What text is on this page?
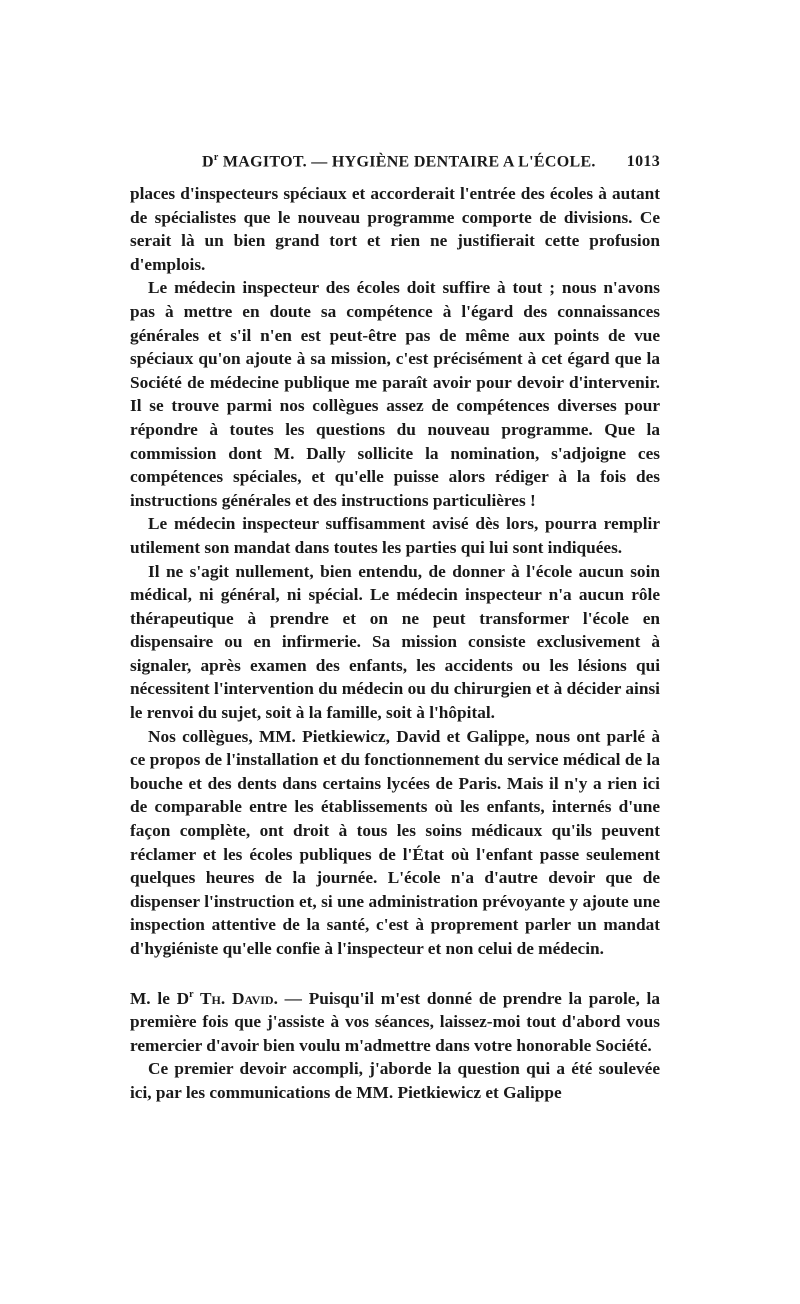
$D^r$ MAGITOT. — HYGIÈNE DENTAIRE A L'ÉCOLE. 1013

places d'inspecteurs spéciaux et accorderait l'entrée des écoles à autant de spécialistes que le nouveau programme comporte de divisions. Ce serait là un bien grand tort et rien ne justifierait cette profusion d'emplois.

Le médecin inspecteur des écoles doit suffire à tout ; nous n'avons pas à mettre en doute sa compétence à l'égard des connaissances générales et s'il n'en est peut-être pas de même aux points de vue spéciaux qu'on ajoute à sa mission, c'est précisément à cet égard que la Société de médecine publique me paraît avoir pour devoir d'intervenir. Il se trouve parmi nos collègues assez de compétences diverses pour répondre à toutes les questions du nouveau programme. Que la commission dont M. Dally sollicite la nomination, s'adjoigne ces compétences spéciales, et qu'elle puisse alors rédiger à la fois des instructions générales et des instructions particulières !

Le médecin inspecteur suffisamment avisé dès lors, pourra remplir utilement son mandat dans toutes les parties qui lui sont indiquées.

Il ne s'agit nullement, bien entendu, de donner à l'école aucun soin médical, ni général, ni spécial. Le médecin inspecteur n'a aucun rôle thérapeutique à prendre et on ne peut transformer l'école en dispensaire ou en infirmerie. Sa mission consiste exclusivement à signaler, après examen des enfants, les accidents ou les lésions qui nécessitent l'intervention du médecin ou du chirurgien et à décider ainsi le renvoi du sujet, soit à la famille, soit à l'hôpital.

Nos collègues, MM. Pietkiewicz, David et Galippe, nous ont parlé à ce propos de l'installation et du fonctionnement du service médical de la bouche et des dents dans certains lycées de Paris. Mais il n'y a rien ici de comparable entre les établissements où les enfants, internés d'une façon complète, ont droit à tous les soins médicaux qu'ils peuvent réclamer et les écoles publiques de l'État où l'enfant passe seulement quelques heures de la journée. L'école n'a d'autre devoir que de dispenser l'instruction et, si une administration prévoyante y ajoute une inspection attentive de la santé, c'est à proprement parler un mandat d'hygiéniste qu'elle confie à l'inspecteur et non celui de médecin.

M. le $D^r$ Th. David. — Puisqu'il m'est donné de prendre la parole, la première fois que j'assiste à vos séances, laissez-moi tout d'abord vous remercier d'avoir bien voulu m'admettre dans votre honorable Société.

Ce premier devoir accompli, j'aborde la question qui a été soulevée ici, par les communications de MM. Pietkiewicz et Galippe
